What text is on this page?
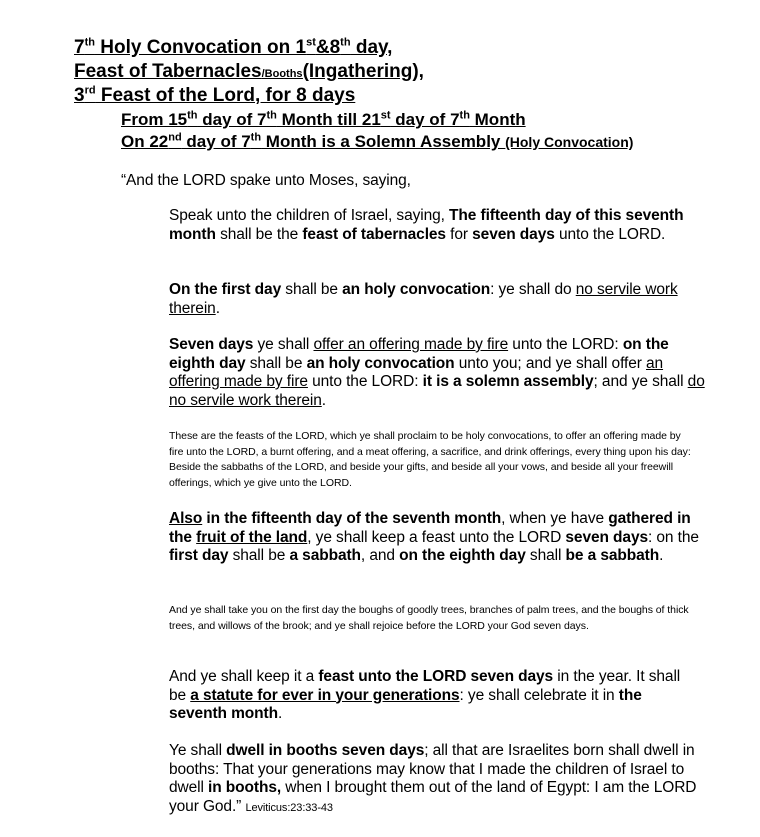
7th Holy Convocation on 1st&8th day,
Feast of Tabernacles/Booths(Ingathering),
3rd Feast of the Lord, for 8 days
From 15th day of 7th Month till 21st day of 7th Month
On 22nd day of 7th Month is a Solemn Assembly (Holy Convocation)
“And the LORD spake unto Moses, saying,
Speak unto the children of Israel, saying, The fifteenth day of this seventh month shall be the feast of tabernacles for seven days unto the LORD.
On the first day shall be an holy convocation: ye shall do no servile work therein.
Seven days ye shall offer an offering made by fire unto the LORD: on the eighth day shall be an holy convocation unto you; and ye shall offer an offering made by fire unto the LORD: it is a solemn assembly; and ye shall do no servile work therein.
These are the feasts of the LORD, which ye shall proclaim to be holy convocations, to offer an offering made by fire unto the LORD, a burnt offering, and a meat offering, a sacrifice, and drink offerings, every thing upon his day: Beside the sabbaths of the LORD, and beside your gifts, and beside all your vows, and beside all your freewill offerings, which ye give unto the LORD.
Also in the fifteenth day of the seventh month, when ye have gathered in the fruit of the land, ye shall keep a feast unto the LORD seven days: on the first day shall be a sabbath, and on the eighth day shall be a sabbath.
And ye shall take you on the first day the boughs of goodly trees, branches of palm trees, and the boughs of thick trees, and willows of the brook; and ye shall rejoice before the LORD your God seven days.
And ye shall keep it a feast unto the LORD seven days in the year. It shall be a statute for ever in your generations: ye shall celebrate it in the seventh month.
Ye shall dwell in booths seven days; all that are Israelites born shall dwell in booths: That your generations may know that I made the children of Israel to dwell in booths, when I brought them out of the land of Egypt: I am the LORD your God.” Leviticus:23:33-43
